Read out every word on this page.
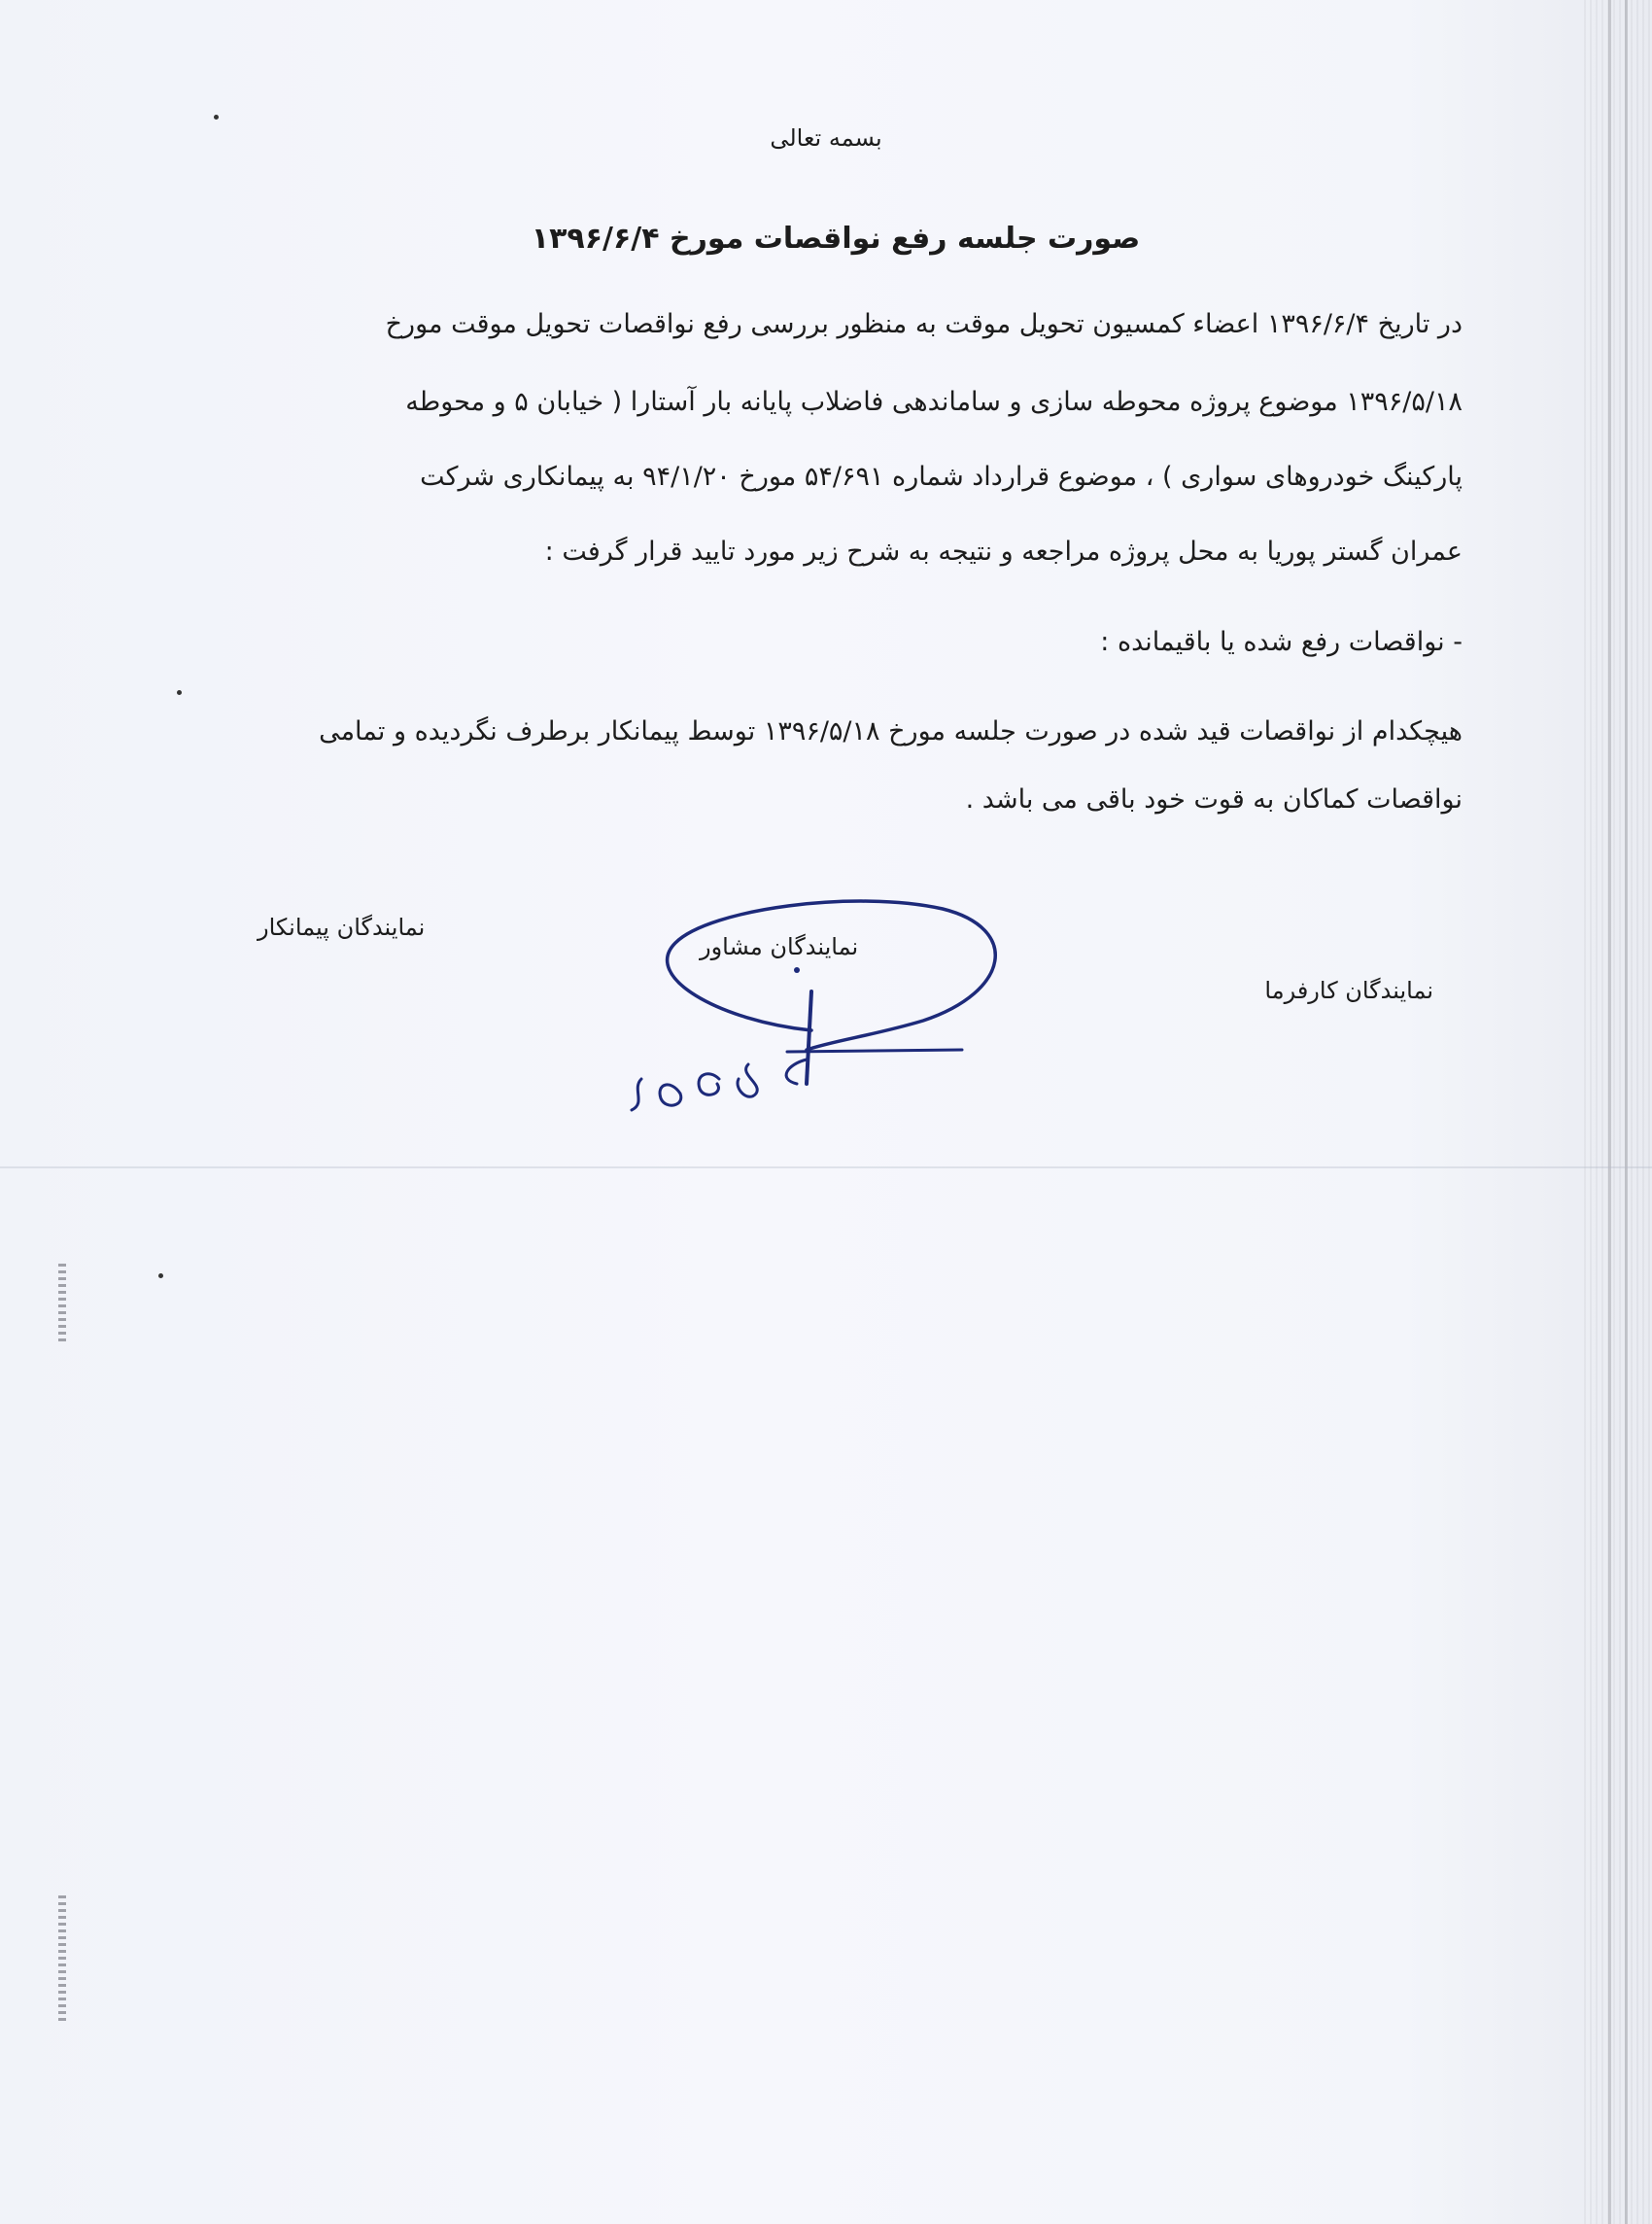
بسمه تعالی
صورت جلسه رفع نواقصات مورخ ۱۳۹۶/۶/۴
در تاریخ ۱۳۹۶/۶/۴ اعضاء کمسیون تحویل موقت به منظور بررسی رفع نواقصات تحویل موقت مورخ
۱۳۹۶/۵/۱۸ موضوع پروژه محوطه سازی و ساماندهی فاضلاب پایانه بار آستارا ( خیابان ۵ و محوطه
پارکینگ خودروهای سواری ) ، موضوع قرارداد شماره ۵۴/۶۹۱ مورخ ۹۴/۱/۲۰ به پیمانکاری شرکت
عمران گستر پوریا به محل پروژه مراجعه و نتیجه به شرح زیر مورد تایید قرار گرفت :
- نواقصات رفع شده یا باقیمانده :
هیچکدام از نواقصات قید شده در صورت جلسه مورخ ۱۳۹۶/۵/۱۸ توسط پیمانکار برطرف نگردیده و تمامی
نواقصات کماکان به قوت خود باقی می باشد .
نمایندگان کارفرما
نمایندگان مشاور
نمایندگان پیمانکار
